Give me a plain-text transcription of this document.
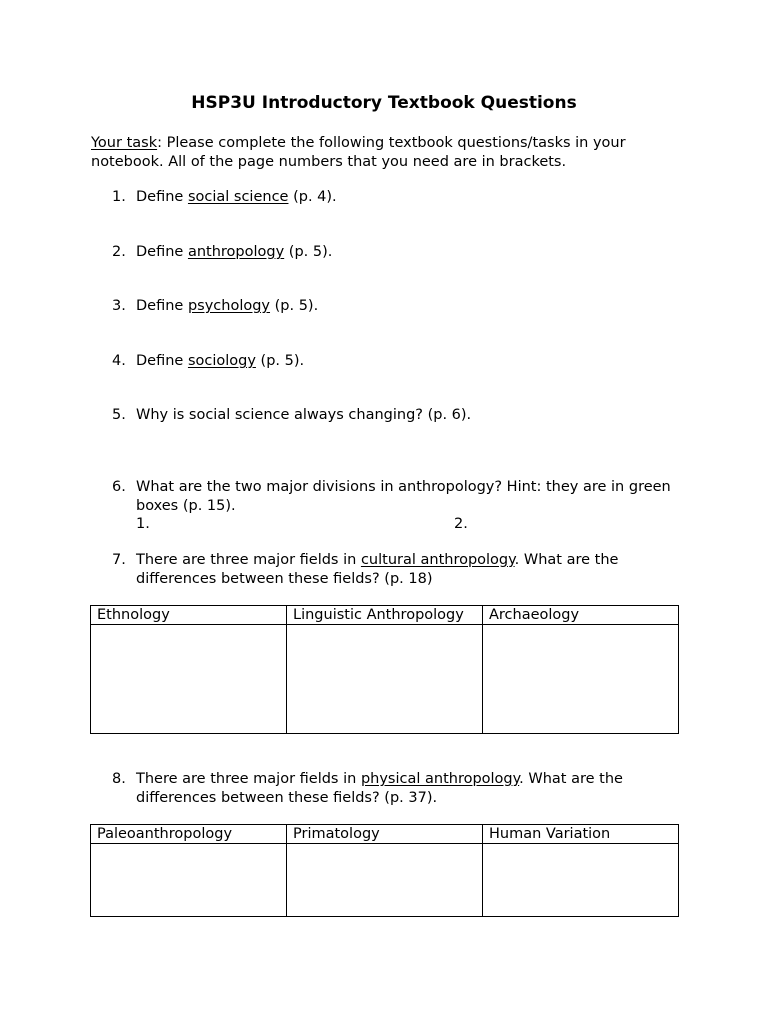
HSP3U Introductory Textbook Questions
Your task: Please complete the following textbook questions/tasks in your notebook. All of the page numbers that you need are in brackets.
1. Define social science (p. 4).
2. Define anthropology (p. 5).
3. Define psychology (p. 5).
4. Define sociology (p. 5).
5. Why is social science always changing? (p. 6).
6. What are the two major divisions in anthropology? Hint: they are in green boxes (p. 15).
1.	2.
7. There are three major fields in cultural anthropology. What are the differences between these fields? (p. 18)
Ethnology	Linguistic Anthropology	Archaeology

8. There are three major fields in physical anthropology. What are the differences between these fields? (p. 37).
Paleoanthropology	Primatology	Human Variation
